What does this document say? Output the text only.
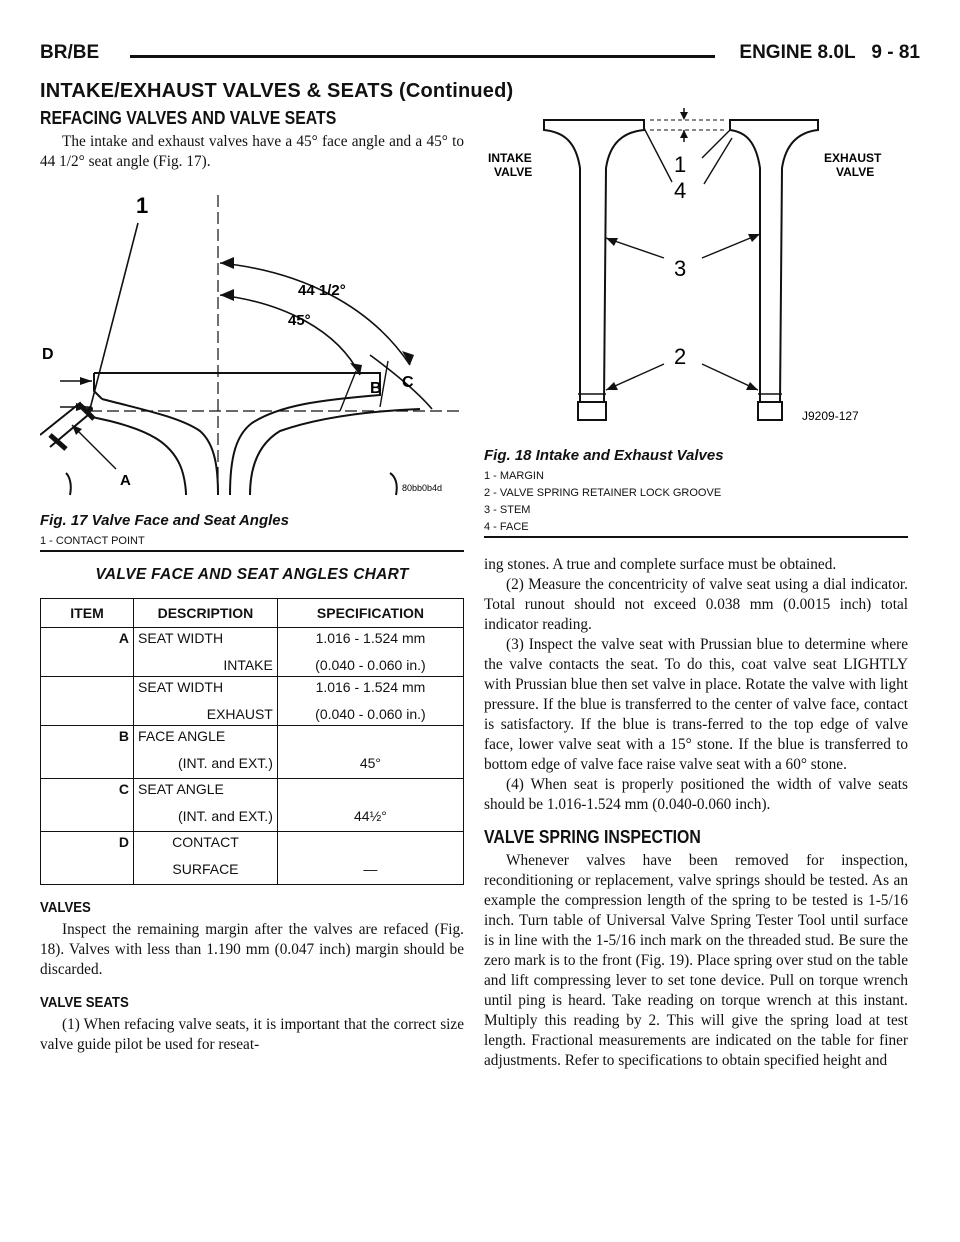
BR/BE	ENGINE 8.0L 9 - 81
INTAKE/EXHAUST VALVES & SEATS (Continued)
REFACING VALVES AND VALVE SEATS

The intake and exhaust valves have a 45° face angle and a 45° to 44 1/2° seat angle (Fig. 17).

1
44 1/2°
45°
D
B C
A	80bb0b4d
Fig. 17 Valve Face and Seat Angles
1 - CONTACT POINT
VALVE FACE AND SEAT ANGLES CHART
ITEM	DESCRIPTION	SPECIFICATION
A	SEAT WIDTH	1.016 - 1.524 mm
	INTAKE	(0.040 - 0.060 in.)
	SEAT WIDTH	1.016 - 1.524 mm
	EXHAUST	(0.040 - 0.060 in.)
B	FACE ANGLE	
	(INT. and EXT.)	45°
C	SEAT ANGLE	
	(INT. and EXT.)	44½°
D	CONTACT	
	SURFACE	—
VALVES

Inspect the remaining margin after the valves are refaced (Fig. 18). Valves with less than 1.190 mm (0.047 inch) margin should be discarded.

VALVE SEATS

(1) When refacing valve seats, it is important that the correct size valve guide pilot be used for reseat-

INTAKE
VALVE
EXHAUST
VALVE
1
4
3
2
J9209-127
Fig. 18 Intake and Exhaust Valves
1 - MARGIN
2 - VALVE SPRING RETAINER LOCK GROOVE
3 - STEM
4 - FACE

ing stones. A true and complete surface must be obtained.

(2) Measure the concentricity of valve seat using a dial indicator. Total runout should not exceed 0.038 mm (0.0015 inch) total indicator reading.

(3) Inspect the valve seat with Prussian blue to determine where the valve contacts the seat. To do this, coat valve seat LIGHTLY with Prussian blue then set valve in place. Rotate the valve with light pressure. If the blue is transferred to the center of valve face, contact is satisfactory. If the blue is trans-ferred to the top edge of valve face, lower valve seat with a 15° stone. If the blue is transferred to bottom edge of valve face raise valve seat with a 60° stone.

(4) When seat is properly positioned the width of valve seats should be 1.016-1.524 mm (0.040-0.060 inch).

VALVE SPRING INSPECTION

Whenever valves have been removed for inspection, reconditioning or replacement, valve springs should be tested. As an example the compression length of the spring to be tested is 1-5/16 inch. Turn table of Universal Valve Spring Tester Tool until surface is in line with the 1-5/16 inch mark on the threaded stud. Be sure the zero mark is to the front (Fig. 19). Place spring over stud on the table and lift compressing lever to set tone device. Pull on torque wrench until ping is heard. Take reading on torque wrench at this instant. Multiply this reading by 2. This will give the spring load at test length. Fractional measurements are indicated on the table for finer adjustments. Refer to specifications to obtain specified height and
